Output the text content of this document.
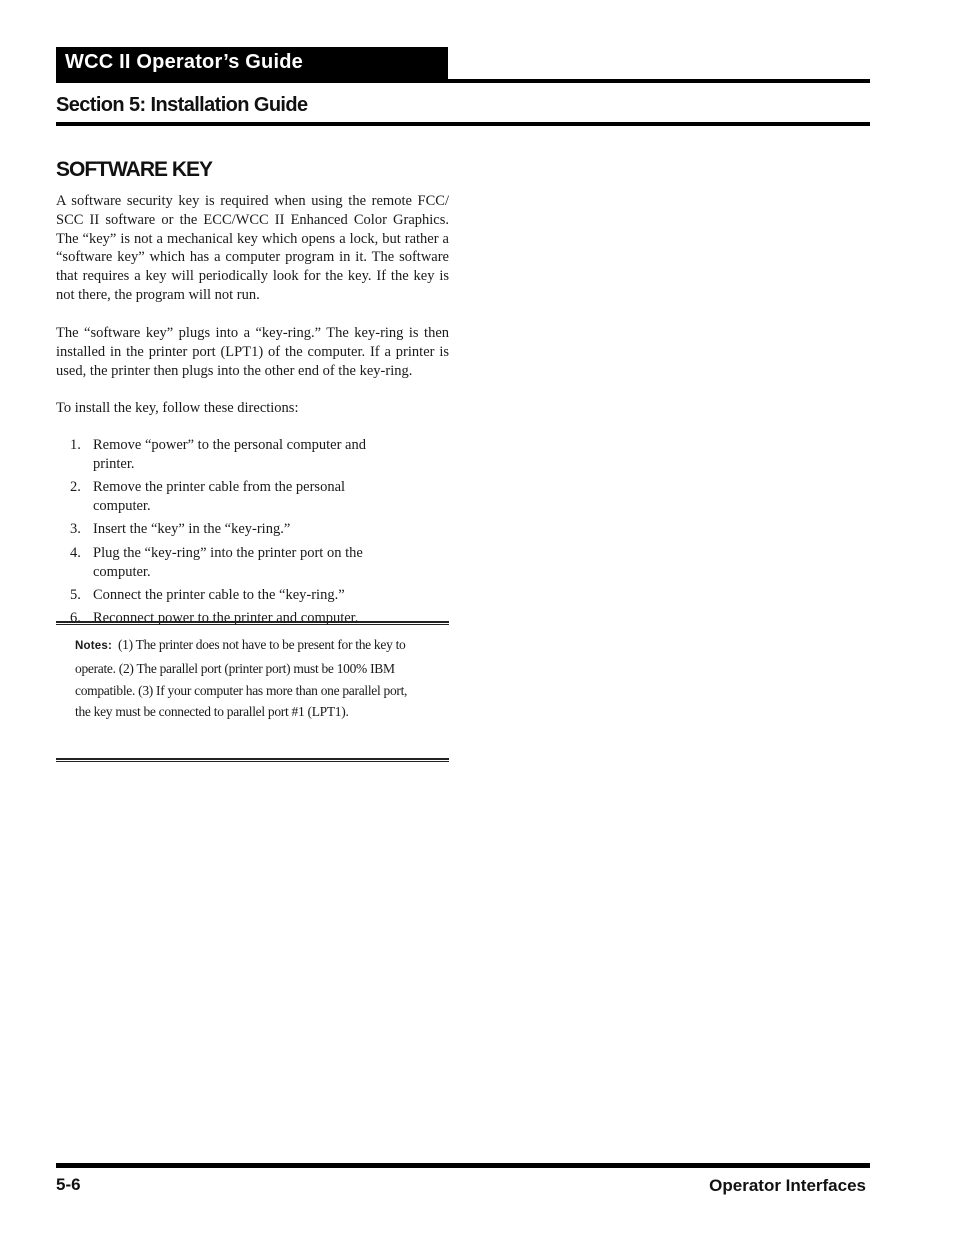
WCC II Operator’s Guide
Section 5: Installation Guide
SOFTWARE KEY

A software security key is required when using the remote FCC/ SCC II software or the ECC/WCC II Enhanced Color Graphics. The “key” is not a mechanical key which opens a lock, but rather a “software key” which has a computer program in it. The software that requires a key will periodically look for the key. If the key is not there, the program will not run.

The “software key” plugs into a “key-ring.” The key-ring is then installed in the printer port (LPT1) of the computer. If a printer is used, the printer then plugs into the other end of the key-ring.

To install the key, follow these directions:

1. Remove “power” to the personal computer and printer.
2. Remove the printer cable from the personal computer.
3. Insert the “key” in the “key-ring.”
4. Plug the “key-ring” into the printer port on the computer.
5. Connect the printer cable to the “key-ring.”
6. Reconnect power to the printer and computer.

Notes: (1) The printer does not have to be present for the key to operate. (2) The parallel port (printer port) must be 100% IBM compatible. (3) If your computer has more than one parallel port, the key must be connected to parallel port #1 (LPT1).

5-6	Operator Interfaces
